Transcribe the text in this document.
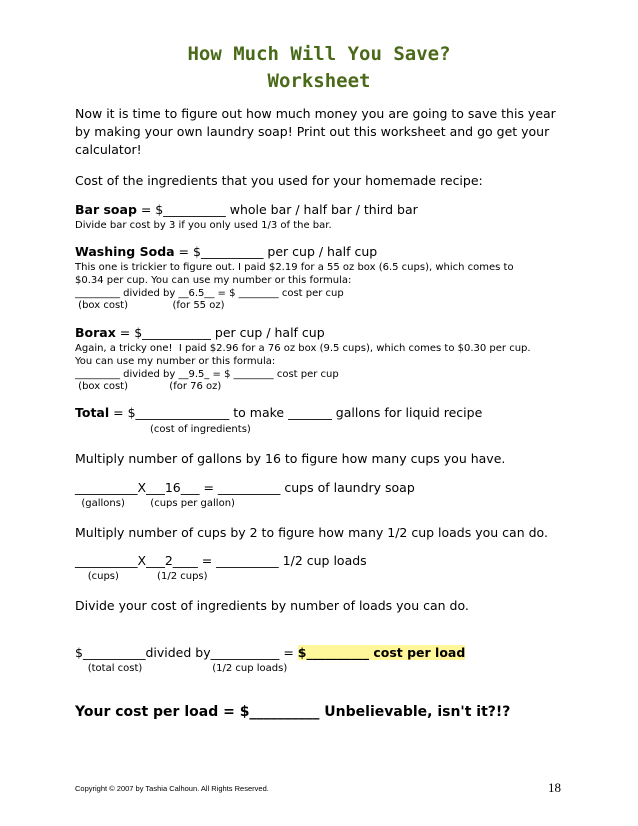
How Much Will You Save?
Worksheet
Now it is time to figure out how much money you are going to save this year
by making your own laundry soap! Print out this worksheet and go get your
calculator!
Cost of the ingredients that you used for your homemade recipe:
Bar soap = $__________ whole bar / half bar / third bar
Divide bar cost by 3 if you only used 1/3 of the bar.
Washing Soda = $__________ per cup / half cup
This one is trickier to figure out. I paid $2.19 for a 55 oz box (6.5 cups), which comes to
$0.34 per cup. You can use my number or this formula:
_________ divided by __6.5__ = $ ________ cost per cup
(box cost)              (for 55 oz)
Borax = $___________ per cup / half cup
Again, a tricky one!  I paid $2.96 for a 76 oz box (9.5 cups), which comes to $0.30 per cup.
You can use my number or this formula:
_________ divided by __9.5_ = $ ________ cost per cup
(box cost)             (for 76 oz)
Total = $_______________ to make _______ gallons for liquid recipe
(cost of ingredients)
Multiply number of gallons by 16 to figure how many cups you have.
__________X___16___ = __________ cups of laundry soap
(gallons)        (cups per gallon)
Multiply number of cups by 2 to figure how many 1/2 cup loads you can do.
__________X___2____ = __________ 1/2 cup loads
(cups)            (1/2 cups)
Divide your cost of ingredients by number of loads you can do.
$__________divided by___________ = $__________ cost per load
(total cost)                      (1/2 cup loads)
Your cost per load = $__________ Unbelievable, isn't it?!?
Copyright © 2007 by Tashia Calhoun. All Rights Reserved.	18
